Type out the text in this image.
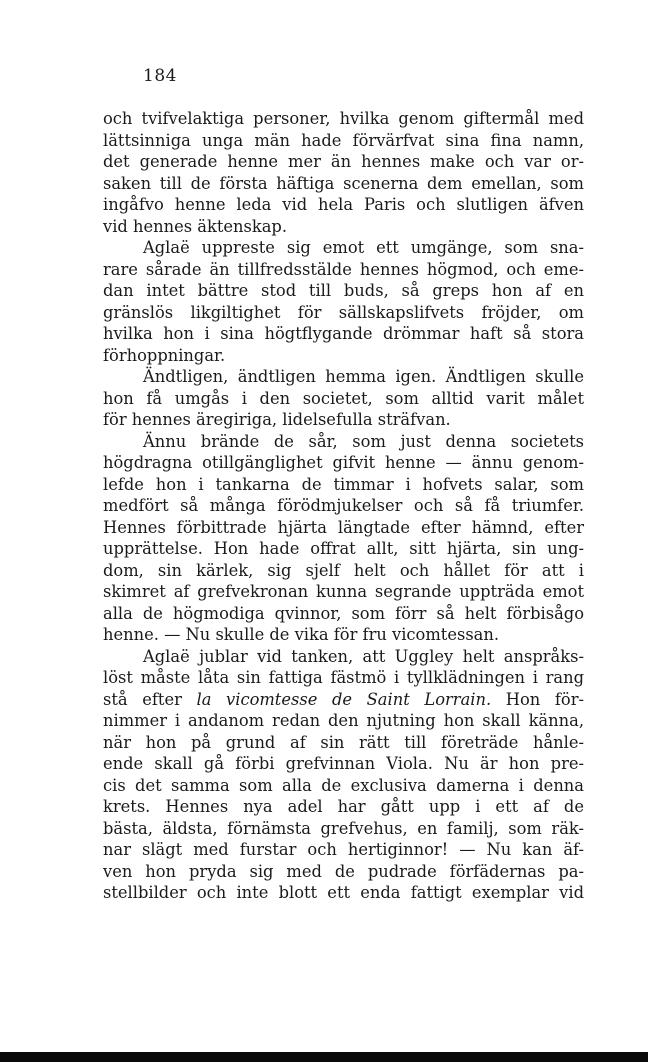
184
och tvifvelaktiga personer, hvilka genom giftermål med
lättsinniga unga män hade förvärfvat sina fina namn,
det generade henne mer än hennes make och var or-
saken till de första häftiga scenerna dem emellan, som
ingåfvo henne leda vid hela Paris och slutligen äfven
vid hennes äktenskap.
Aglaë uppreste sig emot ett umgänge, som sna-
rare sårade än tillfredsstälde hennes högmod, och eme-
dan intet bättre stod till buds, så greps hon af en
gränslös likgiltighet för sällskapslifvets fröjder, om
hvilka hon i sina högtflygande drömmar haft så stora
förhoppningar.
Ändtligen, ändtligen hemma igen. Ändtligen skulle
hon få umgås i den societet, som alltid varit målet
för hennes äregiriga, lidelsefulla sträfvan.
Ännu brände de sår, som just denna societets
högdragna otillgänglighet gifvit henne — ännu genom-
lefde hon i tankarna de timmar i hofvets salar, som
medfört så många förödmjukelser och så få triumfer.
Hennes förbittrade hjärta längtade efter hämnd, efter
upprättelse. Hon hade offrat allt, sitt hjärta, sin ung-
dom, sin kärlek, sig sjelf helt och hållet för att i
skimret af grefvekronan kunna segrande uppträda emot
alla de högmodiga qvinnor, som förr så helt förbisågo
henne. — Nu skulle de vika för fru vicomtessan.
Aglaë jublar vid tanken, att Uggley helt anspråks-
löst måste låta sin fattiga fästmö i tyllklädningen i rang
stå efter la vicomtesse de Saint Lorrain. Hon för-
nimmer i andanom redan den njutning hon skall känna,
när hon på grund af sin rätt till företräde hånle-
ende skall gå förbi grefvinnan Viola. Nu är hon pre-
cis det samma som alla de exclusiva damerna i denna
krets. Hennes nya adel har gått upp i ett af de
bästa, äldsta, förnämsta grefvehus, en familj, som räk-
nar slägt med furstar och hertiginnor! — Nu kan äf-
ven hon pryda sig med de pudrade förfädernas pa-
stellbilder och inte blott ett enda fattigt exemplar vid
